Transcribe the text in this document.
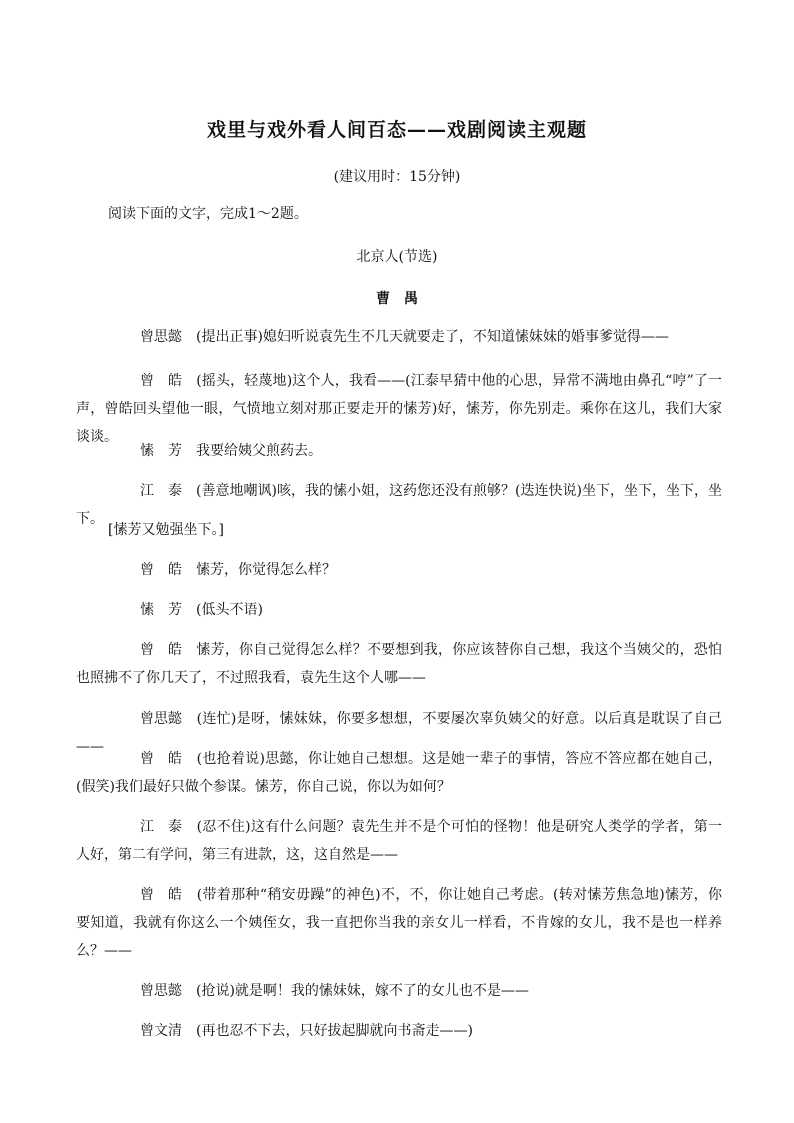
戏里与戏外看人间百态——戏剧阅读主观题
(建议用时：15分钟)
阅读下面的文字，完成1～2题。
北京人(节选)
曹　禺
曾思懿　 (提出正事)媳妇听说袁先生不几天就要走了，不知道愫妹妹的婚事爹觉得——
曾　皓　 (摇头，轻蔑地)这个人，我看——(江泰早猜中他的心思，异常不满地由鼻孔“哼”了一声，曾皓回头望他一眼，气愤地立刻对那正要走开的愫芳)好，愫芳，你先别走。乘你在这儿，我们大家谈谈。
愫　芳　 我要给姨父煎药去。
江　泰　 (善意地嘲讽)咳，我的愫小姐，这药您还没有煎够？(迭连快说)坐下，坐下，坐下，坐下。
[愫芳又勉强坐下。]
曾　皓　 愫芳，你觉得怎么样？
愫　芳　 (低头不语)
曾　皓　 愫芳，你自己觉得怎么样？不要想到我，你应该替你自己想，我这个当姨父的，恐怕也照拂不了你几天了，不过照我看，袁先生这个人哪——
曾思懿　 (连忙)是呀，愫妹妹，你要多想想，不要屡次辜负姨父的好意。以后真是耽误了自己——
曾　皓　 (也抢着说)思懿，你让她自己想想。这是她一辈子的事情，答应不答应都在她自己，(假笑)我们最好只做个参谋。愫芳，你自己说，你以为如何？
江　泰　 (忍不住)这有什么问题？袁先生并不是个可怕的怪物！他是研究人类学的学者，第一人好，第二有学问，第三有进款，这，这自然是——
曾　皓　 (带着那种“稍安毋躁”的神色)不，不，你让她自己考虑。(转对愫芳焦急地)愫芳，你要知道，我就有你这么一个姨侄女，我一直把你当我的亲女儿一样看，不肯嫁的女儿，我不是也一样养么？——
曾思懿　 (抢说)就是啊！我的愫妹妹，嫁不了的女儿也不是——
曾文清　 (再也忍不下去，只好拔起脚就向书斋走——)
